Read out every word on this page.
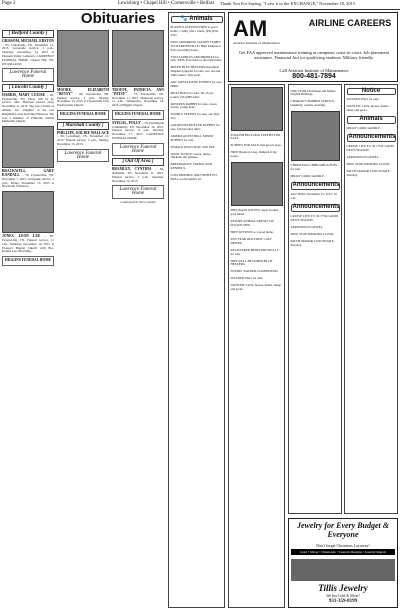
Page 2	Lewisburg • Chapel Hill • Cornersville • Belfast Thank You For Saying, "I saw it in the EXCHANGE," November 18, 2015
Obituaries
[ Bedford County ]

GRISSOM, MICHAEL ERSTON – 65, Unionville, TN. November 12, 2015. Graveside service, 1 p.m., Saturday, November 14, 2015 at Pleasant Valley Cemetery. LAWRENCE FUNERAL HOME, Chapel Hill, TN. (931)364-2233.

Lawrence Funeral Home
[ Lincoln County ]

HARRIS, MARY LOUISE – 85, Fayetteville, TN. There will be no service. Mrs. Harrison passed away November 11, 2015. She was a native of Athens, AL, daughter of the late Benjamin Lewis and Nina Harrison. She was a member of Flintville United Methodist Church.

BRACKWELL, GARY RANDALL – 59, Fayetteville, TN. November 7, 2015. Graveside service, 1 p.m., Friday, November 13, 2015 at Brackwell Cemetery.

JONES, LEON LEE – 85, Fayetteville, TN. Funeral service, 11 a.m., Saturday, November 14, 2015 at Prospect Baptist Church with Bro. Ronnie Lee officiating.

HIGGINS FUNERAL HOME

MOORE, ELIZABETH "BETSY" – 86, Fayetteville, TN. Funeral service, 2 p.m., Sunday, November 15, 2015 at Fayetteville First Presbyterian Church.

HIGGINS FUNERAL HOME
[ Marshall County ]

PHILLIPS, GOLDIE WALLACE – 96, Lewisburg, TN. November 12, 2015. Funeral service, 2 p.m., Sunday, November 15, 2015.

Lawrence Funeral Home

TROUPE, PATRICIA ANN "PATSY" – 75, Fayetteville, TN. November 11, 2015. Memorial service, 11 a.m., Wednesday, November 18, 2015 at Higgins Chapel.

HIGGINS FUNERAL HOME

SYEGAL, POLLY – 79, Farmington Community, TN. November 14, 2015. Funeral service, 11 a.m., Tuesday, November 17, 2015. LAWRENCE FUNERAL HOME.

Lawrence Funeral Home
[ Out Of Area ]

BRAMLEY, CYNTHIA – 84, Nashville, TN. November 11, 2015. Funeral service, 2 p.m., Saturday, November 14, 2015.

Lawrence Funeral Home
Continued On Next Column
🐾 Animals

PLAYFUL KITTENS FREE to good home, 1 tabby and 1 black. (931)359-4567.

NEW GROOMING SALONS COMES TO MARTINSVILLE! Ham Pampered Pets Grooming Salon.

TWO SADDLES AND BRIDLES for sale, \$300. Free mare to the right home.

MIXED BLUE HEELERS/Australian Shepherd puppies for sale, two red and white males. \$20 each.

AKC GREAT DANE PUPPIES for sale. \$800.

MEAT HOGS for sale, \$1.25 per pound. (931)389-2461.

MINI REX RABBIT for sale, sweet, docile, young male.

POODLE PUPPIES for sale, one Tiny Toy.

GOLDEN RETRIEVER PUPPIES for sale, full blooded, AKC.

AMERICAN PIT BULL MIXED PUPPIES for sale.

FEMALE DOGS SPAY, \$30 OFF.

WANT TO BUY: Geese, ducks, chickens and guineas.

BREEDGROVE STABLE AND KENNELS.

LOST BRINDLE AND WHITE PIT BULL on November 16.

ENGLISH BULLDOG PUPPIES FOR SALE.

PUPPIES FOR SALE, full-grown dogs.

FREE Bessie pit dog, dumped at my house.

PREGNANT KITTEN, super lovable gray feline.

REPORT ANIMAL ABUSE! Call (931)270-9956.

FREE KITTENS to a good home.

TEN YEAR OLD FIRST CALF HEIFER.

REGISTERED HEREFORD BULLS for sale.

FREE FULL-BLOODED BLUE HEELERS.

FOUND: WALKER COONHOUND.

WEANED PIGS for sale.

WANTED: Cattle, horses, mules, sheep and goats.

ONE YEAR OLD male and female English Bulldogs.

CHARLIE'S BARBER SERVICE, trimming, cutticle cleaning.

CHRISTMAS CHIHUAHUA PUPS for sale.

MILKY COOK SADDLE.

Announcements

AUCTION: November 21, 2015, 10 a.m.

Announcements

CRUISE LIVE TV, 92.7 FM, GOOD NEWS SEASON.

AEROWINGS/GOSPEL.

FREE STOP SMOKING CLINIC.

PATCH MANOR LUNCH DATE, Tuesday.

Notice

WEANED PIGS for sale.

WANTED: Cattle, horses, mules, sheep and goats.

Animals

MILKY COOK SADDLE.

Announcements

CRUISE LIVE TV, 92.7 FM, GOOD NEWS SEASON.

AEROWINGS/GOSPEL.

FREE STOP SMOKING CLINIC.

PATCH MANOR LUNCH DATE, Tuesday.

AM
Aviation Institute of Maintenance
AIRLINE CAREERS
Get FAA approved maintenance training at campuses coast-to-coast. Job placement assistance. Financial Aid for qualifying students. Military friendly.
Call Aviation Institute of Maintenance
800-481-7894
Jewelry for Every Budget & Everyone
Don't forget Christmas Layaway!
Gold • Silver • Diamonds • Custom Designs • Jewelry Repair
Tillis Jewelry
We buy Gold & Silver!
931-359-8199
